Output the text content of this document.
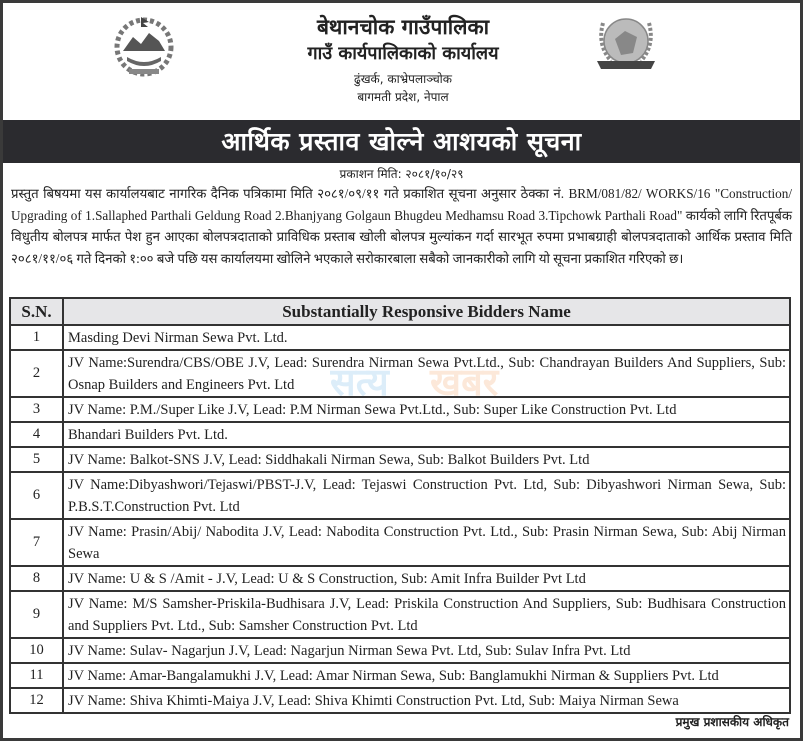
बेथानचोक गाउँपालिका
गाउँ कार्यपालिकाको कार्यालय
ढुंखर्क, काभ्रेपलाञ्चोक
बागमती प्रदेश, नेपाल
आर्थिक प्रस्ताव खोल्ने आशयको सूचना
प्रकाशन मिति: २०८१/१०/२९

प्रस्तुत बिषयमा यस कार्यालयबाट नागरिक दैनिक पत्रिकामा मिति २०८१/०९/११ गते प्रकाशित सूचना अनुसार ठेक्का नं. BRM/081/82/ WORKS/16 "Construction/ Upgrading of 1.Sallaphed Parthali Geldung Road 2.Bhanjyang Golgaun Bhugdeu Medhamsu Road 3.Tipchowk Parthali Road" कार्यको लागि रितपूर्बक विधुतीय बोलपत्र मार्फत पेश हुन आएका बोलपत्रदाताको प्राविधिक प्रस्ताब खोली बोलपत्र मुल्यांकन गर्दा सारभूत रुपमा प्रभाबग्राही बोलपत्रदाताको आर्थिक प्रस्ताव मिति २०८१/११/०६ गते दिनको १:०० बजे पछि यस कार्यालयमा खोलिने भएकाले सरोकारबाला सबैको जानकारीको लागि यो सूचना प्रकाशित गरिएको छ।

S.N.	Substantially Responsive Bidders Name
1	Masding Devi Nirman Sewa Pvt. Ltd.
2	JV Name:Surendra/CBS/OBE J.V, Lead: Surendra Nirman Sewa Pvt.Ltd., Sub: Chandrayan Builders And Suppliers, Sub: Osnap Builders and Engineers Pvt. Ltd
3	JV Name: P.M./Super Like J.V, Lead: P.M Nirman Sewa Pvt.Ltd., Sub: Super Like Construction Pvt. Ltd
4	Bhandari Builders Pvt. Ltd.
5	JV Name: Balkot-SNS J.V, Lead: Siddhakali Nirman Sewa, Sub: Balkot Builders Pvt. Ltd
6	JV Name:Dibyashwori/Tejaswi/PBST-J.V, Lead: Tejaswi Construction Pvt. Ltd, Sub: Dibyashwori Nirman Sewa, Sub: P.B.S.T.Construction Pvt. Ltd
7	JV Name: Prasin/Abij/ Nabodita J.V, Lead: Nabodita Construction Pvt. Ltd., Sub: Prasin Nirman Sewa, Sub: Abij Nirman Sewa
8	JV Name: U & S /Amit - J.V, Lead: U & S Construction, Sub: Amit Infra Builder Pvt Ltd
9	JV Name: M/S Samsher-Priskila-Budhisara J.V, Lead: Priskila Construction And Suppliers, Sub: Budhisara Construction and Suppliers Pvt. Ltd., Sub: Samsher Construction Pvt. Ltd
10	JV Name: Sulav- Nagarjun J.V, Lead: Nagarjun Nirman Sewa Pvt. Ltd, Sub: Sulav Infra Pvt. Ltd
11	JV Name: Amar-Bangalamukhi J.V, Lead: Amar Nirman Sewa, Sub: Banglamukhi Nirman & Suppliers Pvt. Ltd
12	JV Name: Shiva Khimti-Maiya J.V, Lead: Shiva Khimti Construction Pvt. Ltd, Sub: Maiya Nirman Sewa
प्रमुख प्रशासकीय अधिकृत
